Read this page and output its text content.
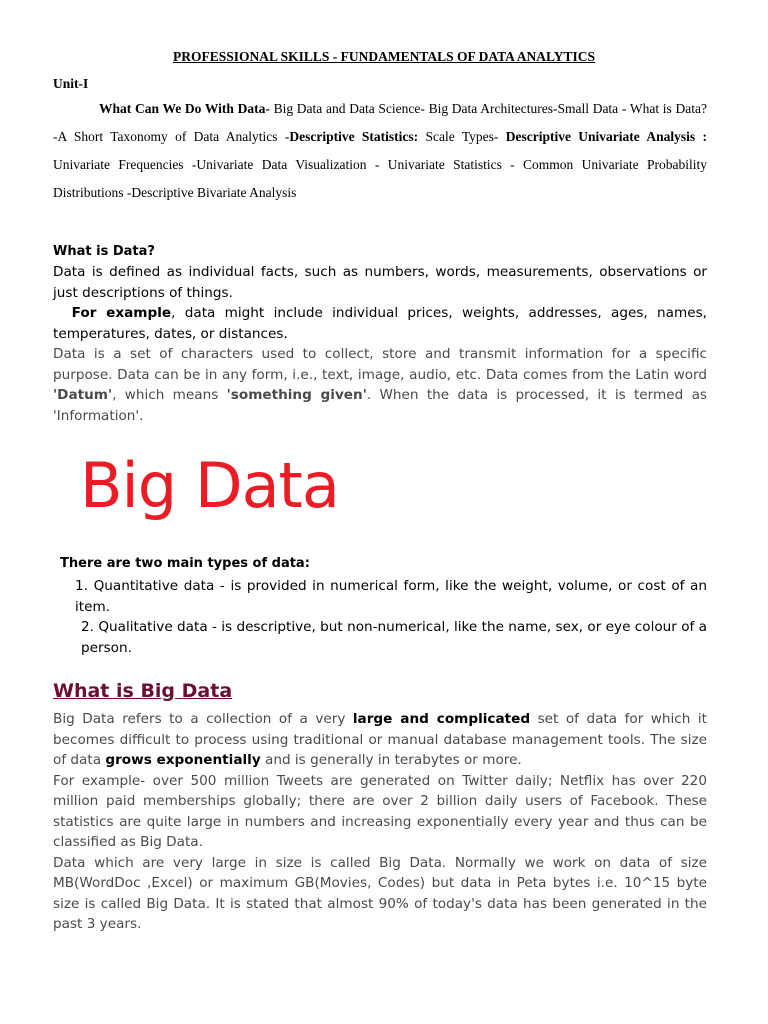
PROFESSIONAL SKILLS - FUNDAMENTALS OF DATA ANALYTICS
Unit-I
What Can We Do With Data- Big Data and Data Science- Big Data Architectures-Small Data - What is Data? -A Short Taxonomy of Data Analytics -Descriptive Statistics: Scale Types- Descriptive Univariate Analysis : Univariate Frequencies -Univariate Data Visualization - Univariate Statistics - Common Univariate Probability Distributions -Descriptive Bivariate Analysis
What is Data?
Data is defined as individual facts, such as numbers, words, measurements, observations or just descriptions of things.
For example, data might include individual prices, weights, addresses, ages, names, temperatures, dates, or distances.
Data is a set of characters used to collect, store and transmit information for a specific purpose. Data can be in any form, i.e., text, image, audio, etc. Data comes from the Latin word 'Datum', which means 'something given'. When the data is processed, it is termed as 'Information'.
Big Data
There are two main types of data:
1. Quantitative data - is provided in numerical form, like the weight, volume, or cost of an item.
2. Qualitative data - is descriptive, but non-numerical, like the name, sex, or eye colour of a person.
What is Big Data
Big Data refers to a collection of a very large and complicated set of data for which it becomes difficult to process using traditional or manual database management tools. The size of data grows exponentially and is generally in terabytes or more.
For example- over 500 million Tweets are generated on Twitter daily; Netflix has over 220 million paid memberships globally; there are over 2 billion daily users of Facebook. These statistics are quite large in numbers and increasing exponentially every year and thus can be classified as Big Data.
Data which are very large in size is called Big Data. Normally we work on data of size MB(WordDoc ,Excel) or maximum GB(Movies, Codes) but data in Peta bytes i.e. 10^15 byte size is called Big Data. It is stated that almost 90% of today's data has been generated in the past 3 years.
